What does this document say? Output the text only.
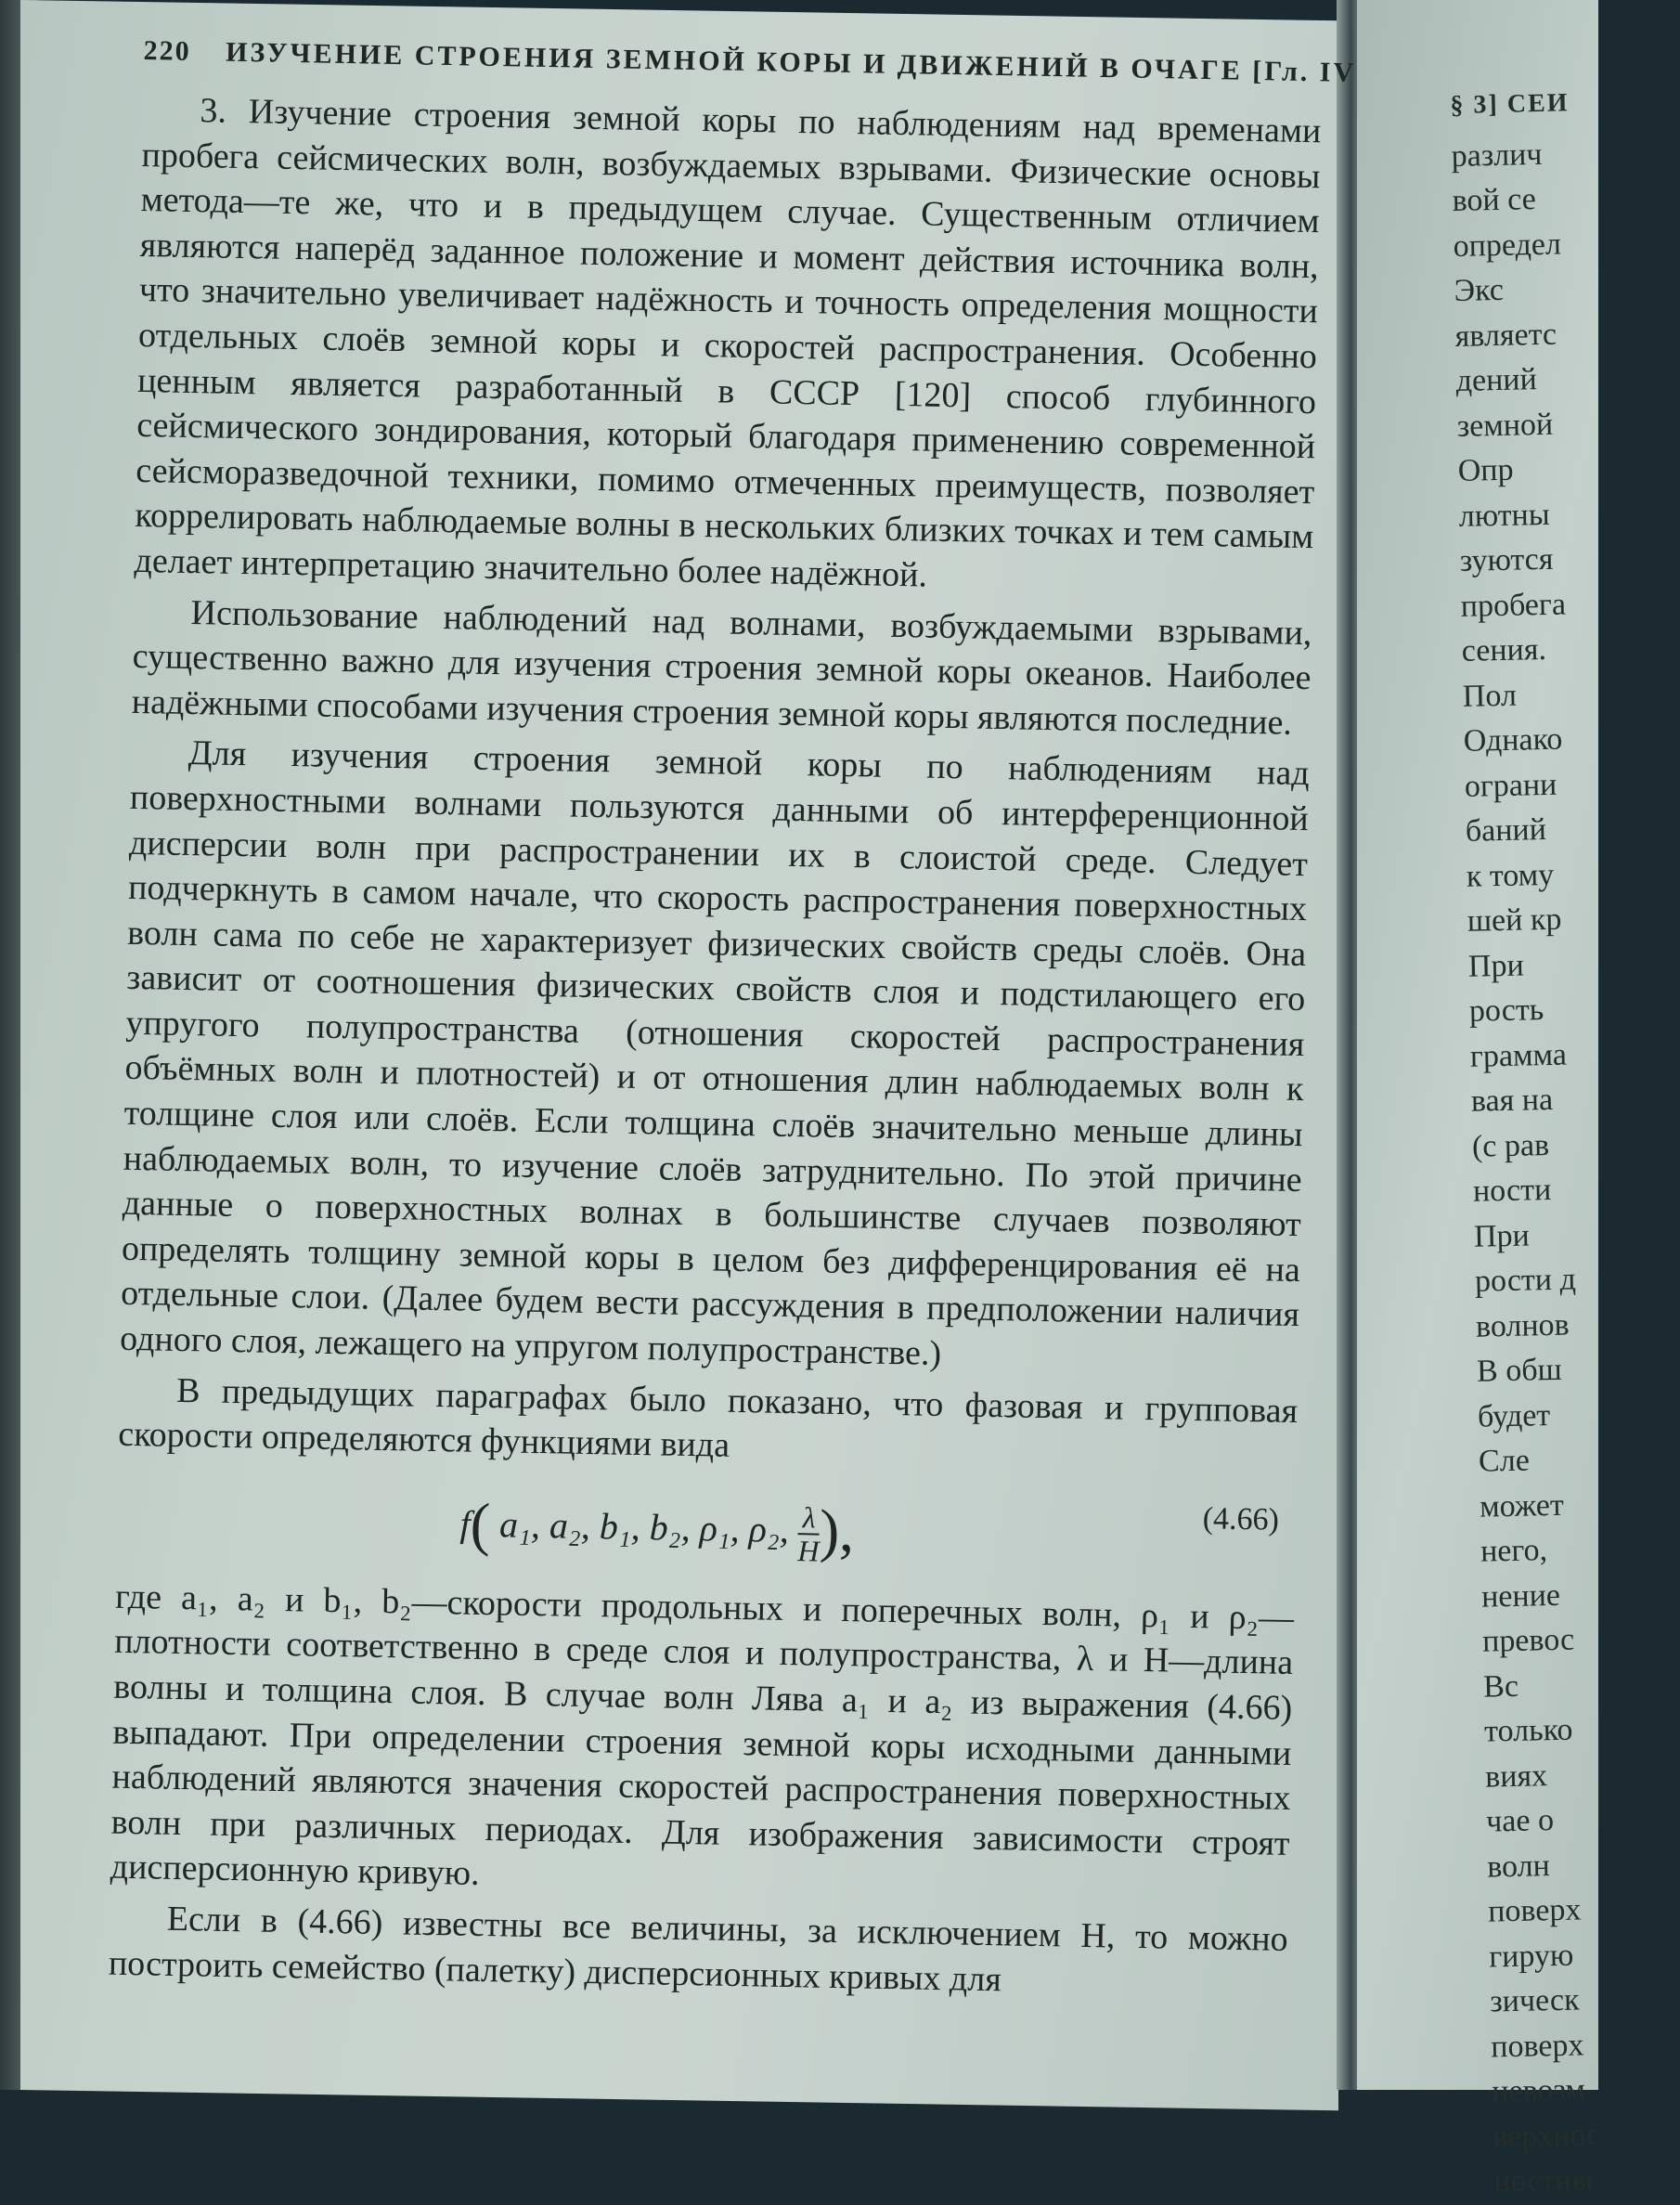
220 ИЗУЧЕНИЕ СТРОЕНИЯ ЗЕМНОЙ КОРЫ И ДВИЖЕНИЙ В ОЧАГЕ [Гл. IV

3. Изучение строения земной коры по наблюдениям над временами пробега сейсмических волн, возбуждаемых взрывами. Физические основы метода—те же, что и в предыдущем случае. Существенным отличием являются наперёд заданное положение и момент действия источника волн, что значительно увеличивает надёжность и точность определения мощности отдельных слоёв земной коры и скоростей распространения. Особенно ценным является разработанный в СССР [120] способ глубинного сейсмического зондирования, который благодаря применению современной сейсморазведочной техники, помимо отмеченных преимуществ, позволяет коррелировать наблюдаемые волны в нескольких близких точках и тем самым делает интерпретацию значительно более надёжной.

Использование наблюдений над волнами, возбуждаемыми взрывами, существенно важно для изучения строения земной коры океанов. Наиболее надёжными способами изучения строения земной коры являются последние.

Для изучения строения земной коры по наблюдениям над поверхностными волнами пользуются данными об интерференционной дисперсии волн при распространении их в слоистой среде. Следует подчеркнуть в самом начале, что скорость распространения поверхностных волн сама по себе не характеризует физических свойств среды слоёв. Она зависит от соотношения физических свойств слоя и подстилающего его упругого полупространства (отношения скоростей распространения объёмных волн и плотностей) и от отношения длин наблюдаемых волн к толщине слоя или слоёв. Если толщина слоёв значительно меньше длины наблюдаемых волн, то изучение слоёв затруднительно. По этой причине данные о поверхностных волнах в большинстве случаев позволяют определять толщину земной коры в целом без дифференцирования её на отдельные слои. (Далее будем вести рассуждения в предположении наличия одного слоя, лежащего на упругом полупространстве.)

В предыдущих параграфах было показано, что фазовая и групповая скорости определяются функциями вида

f( a₁, a₂, b₁, b₂, ρ₁, ρ₂, $\frac{\lambda}{H}$
),	(4.66)

где a₁, a₂ и b₁, b₂—скорости продольных и поперечных волн, ρ₁ и ρ₂—плотности соответственно в среде слоя и полупространства, λ и H—длина волны и толщина слоя. В случае волн Лява a₁ и a₂ из выражения (4.66) выпадают. При определении строения земной коры исходными данными наблюдений являются значения скоростей распространения поверхностных волн при различных периодах. Для изображения зависимости строят дисперсионную кривую.

Если в (4.66) известны все величины, за исключением H, то можно построить семейство (палетку) дисперсионных кривых для

§ 3] СЕИ
различ
вой се
определ
Экс
являетс
дений
земной
Опр
лютны
зуются
пробега
сения.
Пол
Однако
ограни
баний
к тому
шей кр
При
рость
грамма
вая на
(с рав
ности
При
рости д
волнов
В обш
будет
Сле
может
него,
нение
превос
Вс
только
виях
чае о
волн
поверх
гирую
зическ
поверх
невозм
верхнос
ностны
